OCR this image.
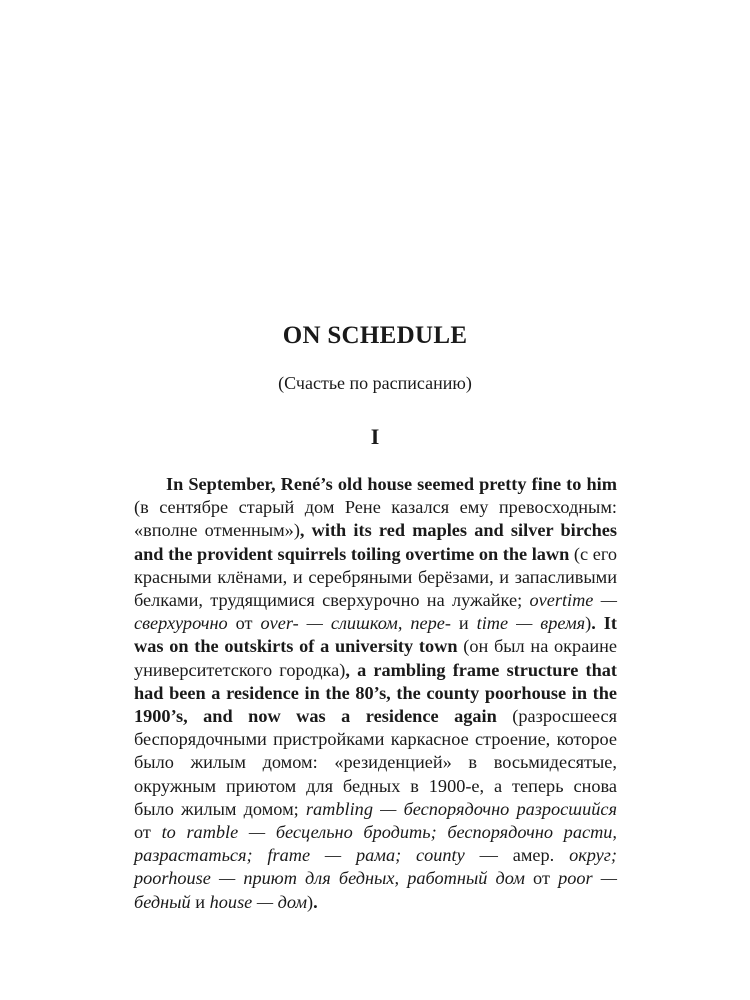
ON SCHEDULE

(Счастье по расписанию)

I

In September, René’s old house seemed pretty fine to him (в сентябре старый дом Рене казался ему превосходным: «вполне отменным»), with its red maples and silver birches and the provident squirrels toiling overtime on the lawn (с его красными клёнами, и серебряными берёзами, и запасливыми белками, трудящимися сверхурочно на лужайке; overtime — сверхурочно от over- — слишком, пере- и time — время). It was on the outskirts of a university town (он был на окраине университетского городка), a rambling frame structure that had been a residence in the 80’s, the county poorhouse in the 1900’s, and now was a residence again (разросшееся беспорядочными пристройками каркасное строение, которое было жилым домом: «резиденцией» в восьмидесятые, окружным приютом для бедных в 1900-е, а теперь снова было жилым домом; rambling — беспорядочно разросшийся от to ramble — бесцельно бродить; беспорядочно расти, разрастаться; frame — рама; county — амер. округ; poorhouse — приют для бедных, работный дом от poor — бедный и house — дом).
